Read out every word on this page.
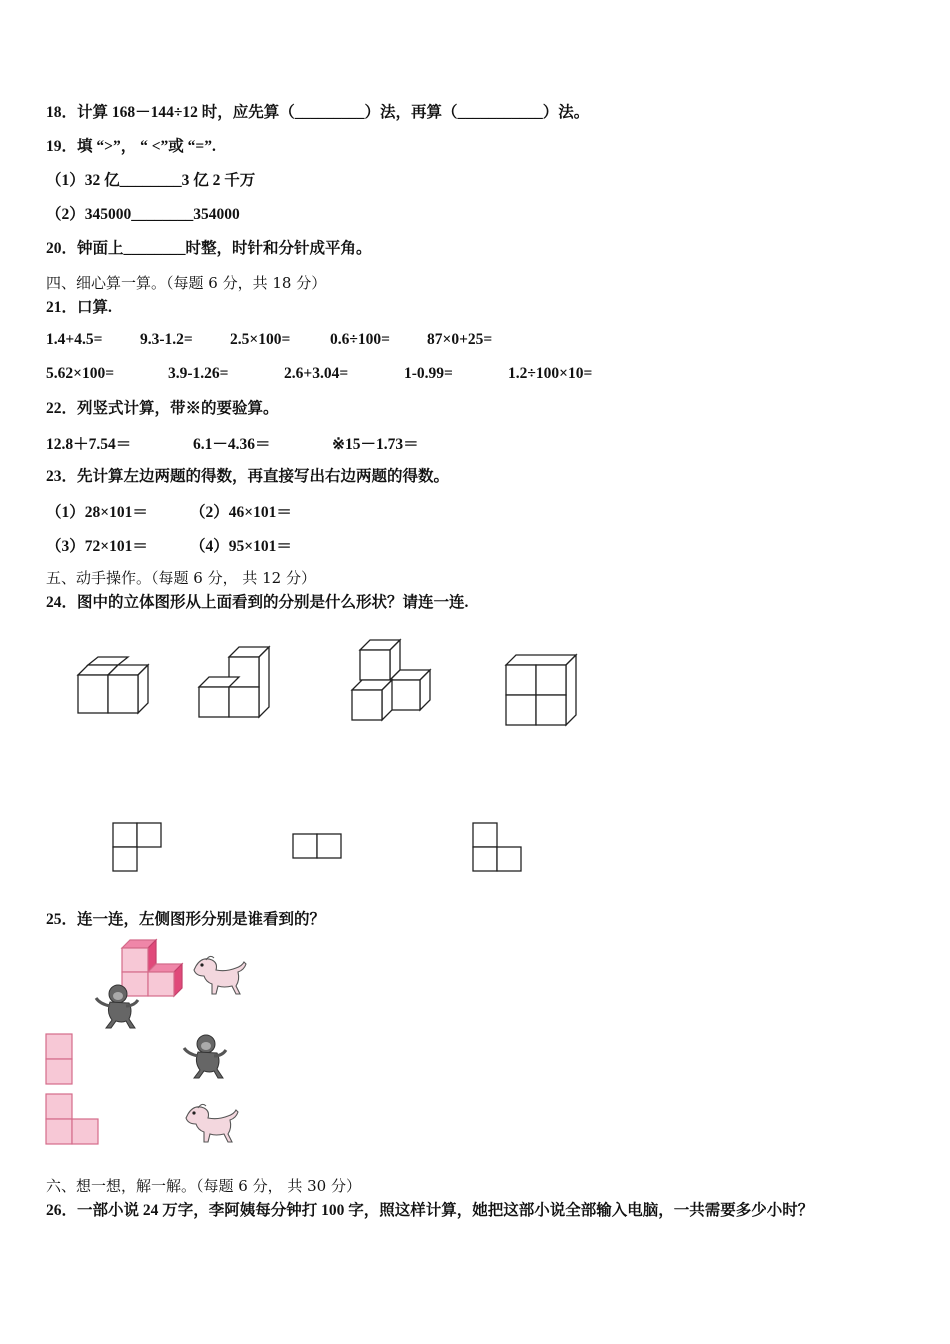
18．计算 168－144÷12 时，应先算（_________）法，再算（___________）法。
19．填 “>”， “ <”或 “=”.
（1）32 亿________3 亿 2 千万
（2）345000________354000
20．钟面上________时整，时针和分针成平角。
四、细心算一算。（每题 6 分，共 18 分）
21．口算.
1.4+4.5= 9.3-1.2= 2.5×100=	0.6÷100= 87×0+25=
5.62×100=	3.9-1.26=	2.6+3.04=	1-0.99=	1.2÷100×10=
22．列竖式计算，带※的要验算。
12.8＋7.54＝	6.1－4.36＝	※15－1.73＝
23．先计算左边两题的得数，再直接写出右边两题的得数。
（1）28×101＝	（2）46×101＝
（3）72×101＝	（4）95×101＝
五、动手操作。（每题 6 分， 共 12 分）
24．图中的立体图形从上面看到的分别是什么形状？请连一连.
25．连一连，左侧图形分别是谁看到的？
六、想一想，解一解。（每题 6 分， 共 30 分）
26．一部小说 24 万字，李阿姨每分钟打 100 字，照这样计算，她把这部小说全部输入电脑，一共需要多少小时？
